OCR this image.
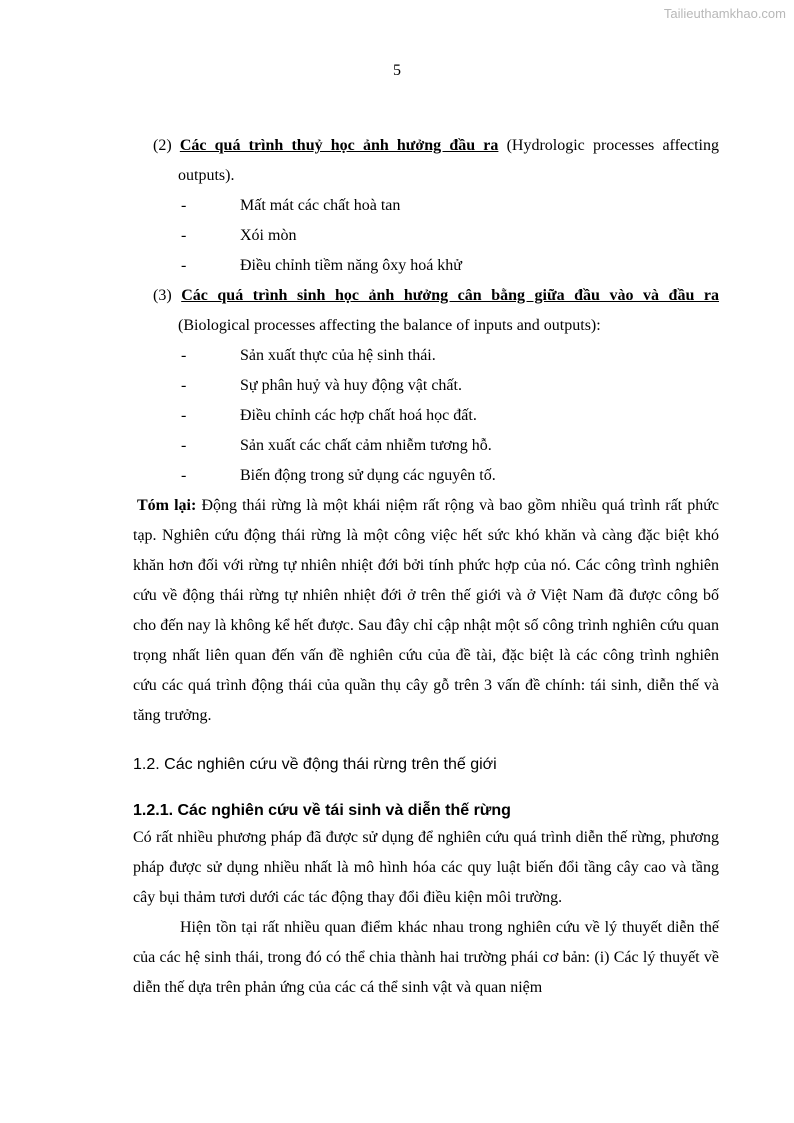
Tailieuthamkhao.com
5

(2) Các quá trình thuỷ học ảnh hưởng đầu ra (Hydrologic processes affecting

outputs).

-	Mất mát các chất hoà tan
-	Xói mòn
-	Điều chỉnh tiềm năng ôxy hoá khử

(3) Các quá trình sinh học ảnh hưởng cân bằng giữa đầu vào và đầu ra

(Biological processes affecting the balance of inputs and outputs):

-	Sản xuất thực của hệ sinh thái.
-	Sự phân huỷ và huy động vật chất.
-	Điều chỉnh các hợp chất hoá học đất.
-	Sản xuất các chất cảm nhiễm tương hỗ.
-	Biến động trong sử dụng các nguyên tố.

Tóm lại: Động thái rừng là một khái niệm rất rộng và bao gồm nhiều quá trình rất phức tạp. Nghiên cứu động thái rừng là một công việc hết sức khó khăn và càng đặc biệt khó khăn hơn đối với rừng tự nhiên nhiệt đới bởi tính phức hợp của nó. Các công trình nghiên cứu về động thái rừng tự nhiên nhiệt đới ở trên thế giới và ở Việt Nam đã được công bố cho đến nay là không kể hết được. Sau đây chỉ cập nhật một số công trình nghiên cứu quan trọng nhất liên quan đến vấn đề nghiên cứu của đề tài, đặc biệt là các công trình nghiên cứu các quá trình động thái của quần thụ cây gỗ trên 3 vấn đề chính: tái sinh, diễn thế và tăng trưởng.

1.2. Các nghiên cứu về động thái rừng trên thế giới
1.2.1. Các nghiên cứu về tái sinh và diễn thế rừng

Có rất nhiều phương pháp đã được sử dụng để nghiên cứu quá trình diễn thế rừng, phương pháp được sử dụng nhiều nhất là mô hình hóa các quy luật biến đổi tầng cây cao và tầng cây bụi thảm tươi dưới các tác động thay đổi điều kiện môi trường.

Hiện tồn tại rất nhiều quan điểm khác nhau trong nghiên cứu về lý thuyết diễn thế của các hệ sinh thái, trong đó có thể chia thành hai trường phái cơ bản: (i) Các lý thuyết về diễn thế dựa trên phản ứng của các cá thể sinh vật và quan niệm
